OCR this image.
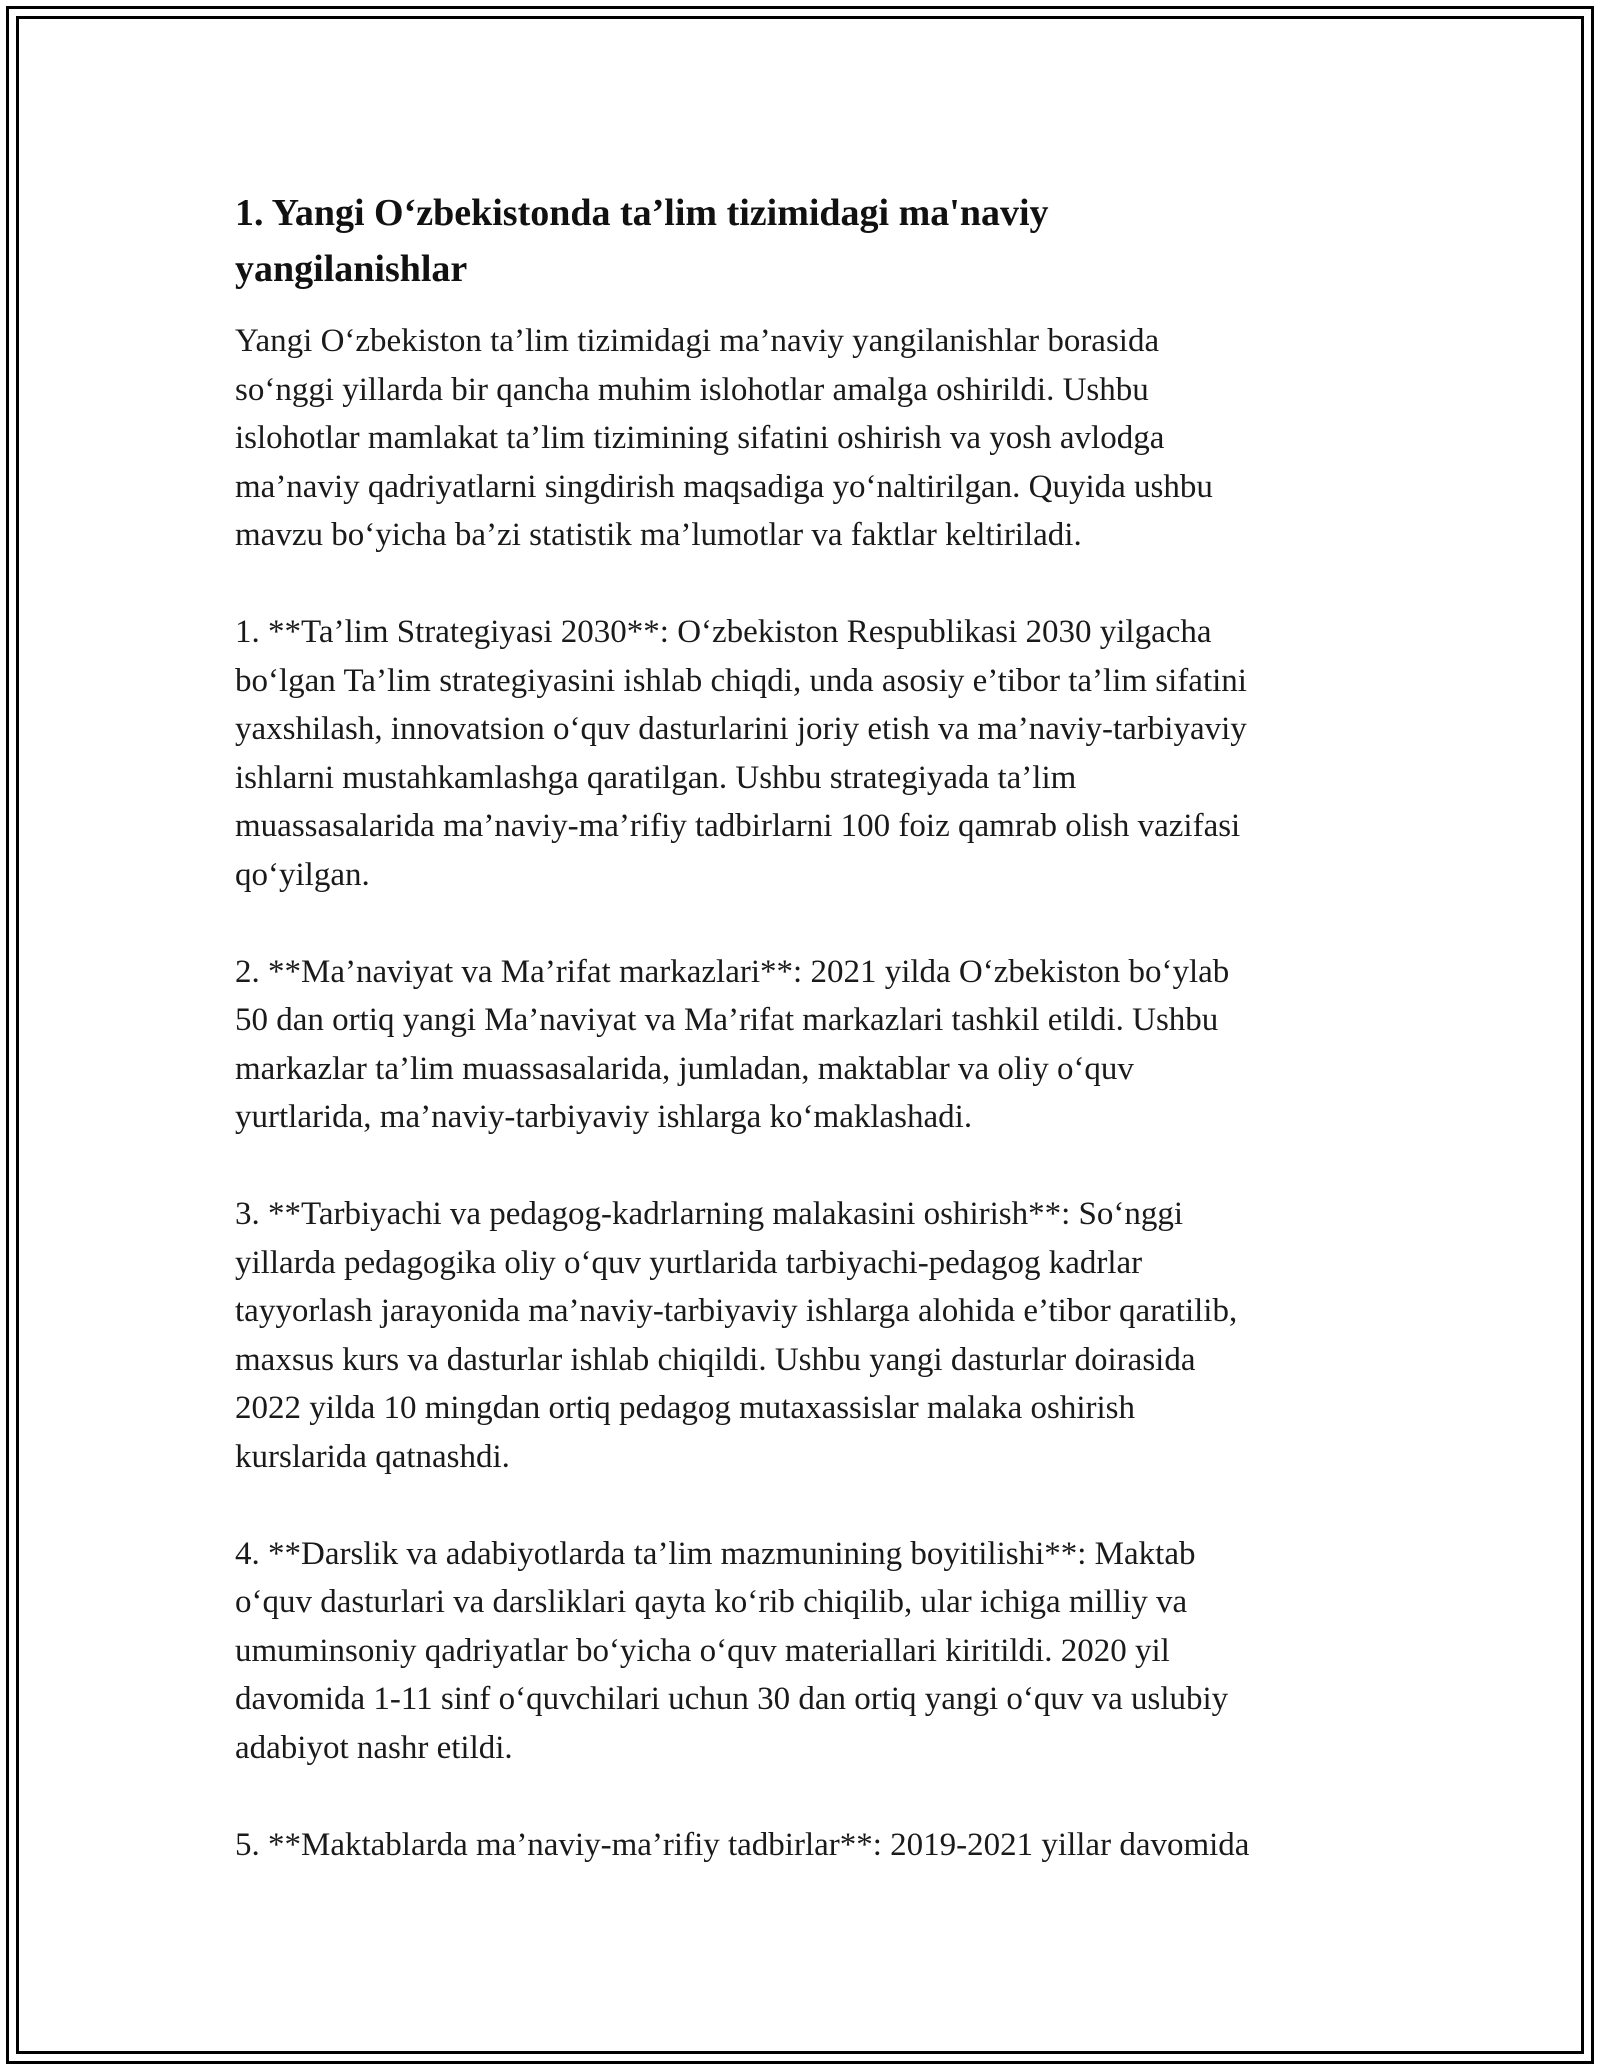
1. Yangi O‘zbekistonda ta’lim tizimidagi ma'naviy
yangilanishlar

Yangi O‘zbekiston ta’lim tizimidagi ma’naviy yangilanishlar borasida
so‘nggi yillarda bir qancha muhim islohotlar amalga oshirildi. Ushbu
islohotlar mamlakat ta’lim tizimining sifatini oshirish va yosh avlodga
ma’naviy qadriyatlarni singdirish maqsadiga yo‘naltirilgan. Quyida ushbu
mavzu bo‘yicha ba’zi statistik ma’lumotlar va faktlar keltiriladi.

1. **Ta’lim Strategiyasi 2030**: O‘zbekiston Respublikasi 2030 yilgacha
bo‘lgan Ta’lim strategiyasini ishlab chiqdi, unda asosiy e’tibor ta’lim sifatini
yaxshilash, innovatsion o‘quv dasturlarini joriy etish va ma’naviy-tarbiyaviy
ishlarni mustahkamlashga qaratilgan. Ushbu strategiyada ta’lim
muassasalarida ma’naviy-ma’rifiy tadbirlarni 100 foiz qamrab olish vazifasi
qo‘yilgan.

2. **Ma’naviyat va Ma’rifat markazlari**: 2021 yilda O‘zbekiston bo‘ylab
50 dan ortiq yangi Ma’naviyat va Ma’rifat markazlari tashkil etildi. Ushbu
markazlar ta’lim muassasalarida, jumladan, maktablar va oliy o‘quv
yurtlarida, ma’naviy-tarbiyaviy ishlarga ko‘maklashadi.

3. **Tarbiyachi va pedagog-kadrlarning malakasini oshirish**: So‘nggi
yillarda pedagogika oliy o‘quv yurtlarida tarbiyachi-pedagog kadrlar
tayyorlash jarayonida ma’naviy-tarbiyaviy ishlarga alohida e’tibor qaratilib,
maxsus kurs va dasturlar ishlab chiqildi. Ushbu yangi dasturlar doirasida
2022 yilda 10 mingdan ortiq pedagog mutaxassislar malaka oshirish
kurslarida qatnashdi.

4. **Darslik va adabiyotlarda ta’lim mazmunining boyitilishi**: Maktab
o‘quv dasturlari va darsliklari qayta ko‘rib chiqilib, ular ichiga milliy va
umuminsoniy qadriyatlar bo‘yicha o‘quv materiallari kiritildi. 2020 yil
davomida 1-11 sinf o‘quvchilari uchun 30 dan ortiq yangi o‘quv va uslubiy
adabiyot nashr etildi.

5. **Maktablarda ma’naviy-ma’rifiy tadbirlar**: 2019-2021 yillar davomida
